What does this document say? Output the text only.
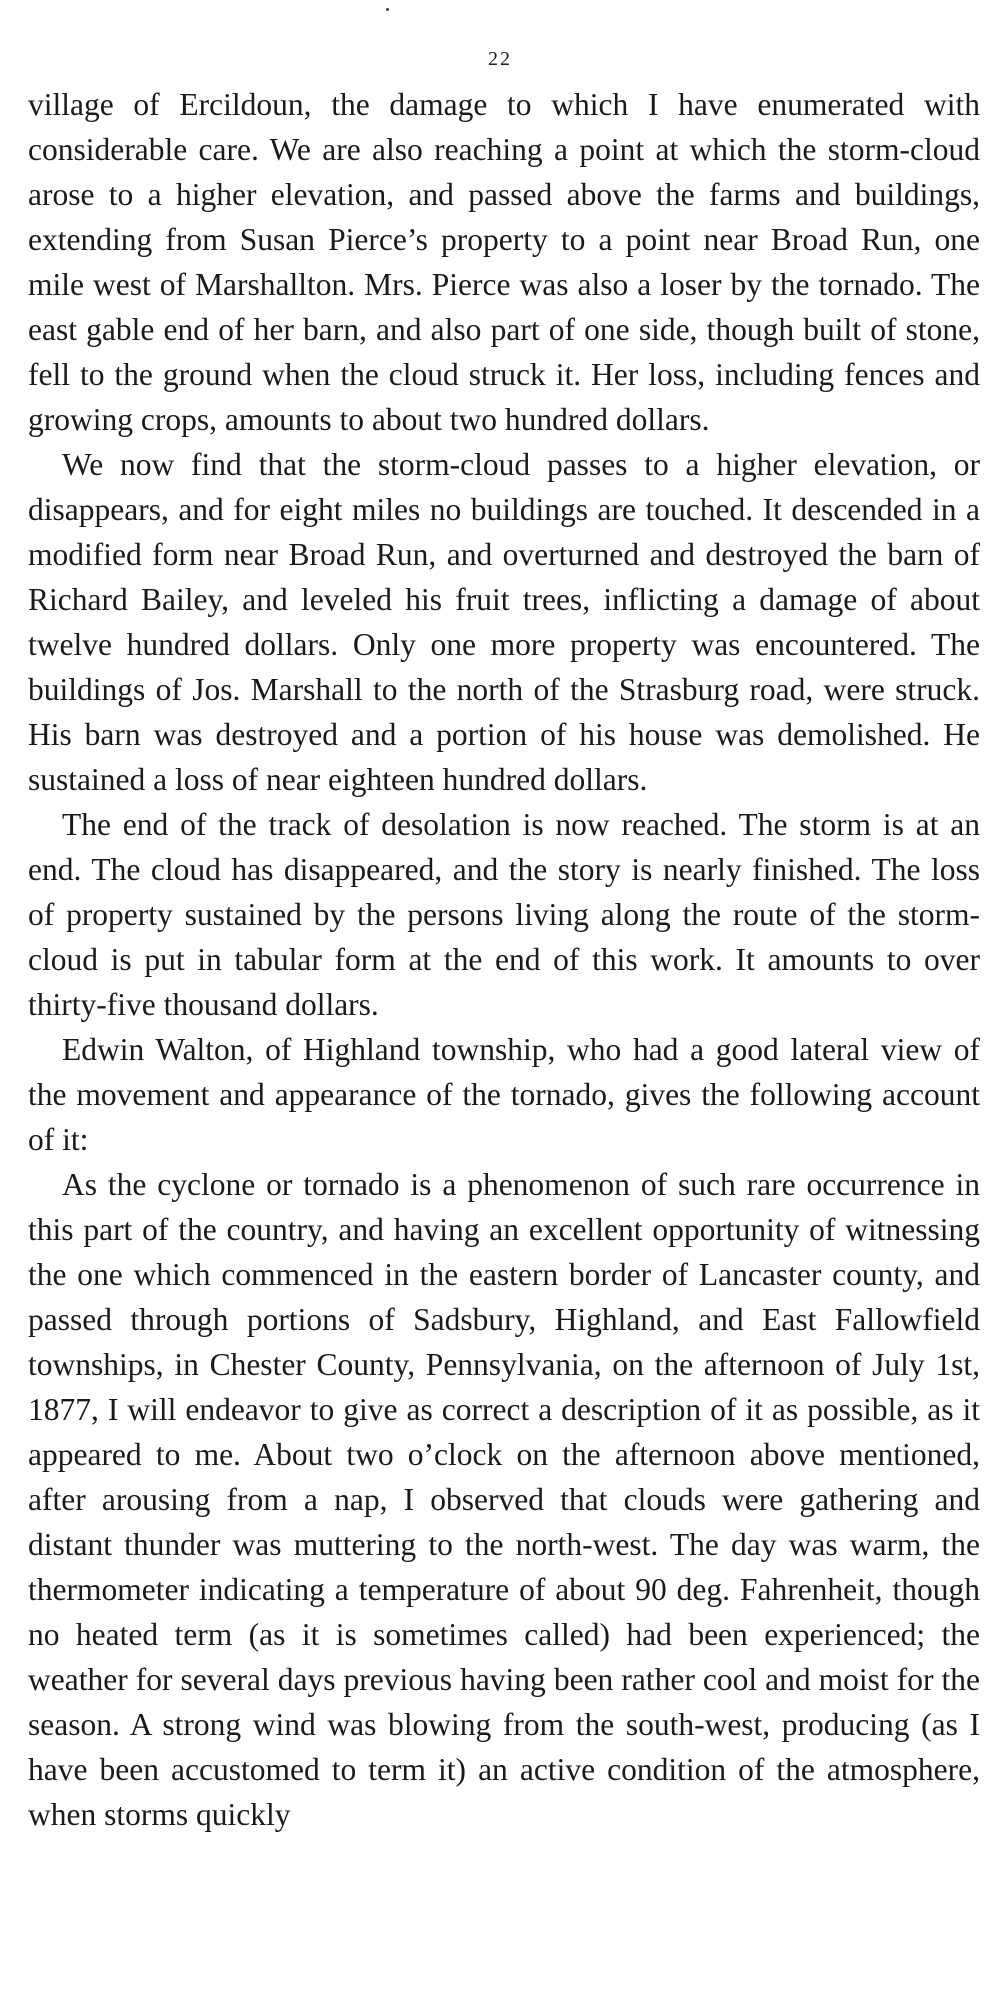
22

village of Ercildoun, the damage to which I have enumerated with considerable care. We are also reaching a point at which the storm-cloud arose to a higher elevation, and passed above the farms and buildings, extending from Susan Pierce’s property to a point near Broad Run, one mile west of Marshallton. Mrs. Pierce was also a loser by the tornado. The east gable end of her barn, and also part of one side, though built of stone, fell to the ground when the cloud struck it. Her loss, including fences and growing crops, amounts to about two hundred dollars.

We now find that the storm-cloud passes to a higher elevation, or disappears, and for eight miles no buildings are touched. It descended in a modified form near Broad Run, and overturned and destroyed the barn of Richard Bailey, and leveled his fruit trees, inflicting a damage of about twelve hundred dollars. Only one more property was encountered. The buildings of Jos. Marshall to the north of the Strasburg road, were struck. His barn was destroyed and a portion of his house was demolished. He sustained a loss of near eighteen hundred dollars.

The end of the track of desolation is now reached. The storm is at an end. The cloud has disappeared, and the story is nearly finished. The loss of property sustained by the persons living along the route of the storm-cloud is put in tabular form at the end of this work. It amounts to over thirty-five thousand dollars.

Edwin Walton, of Highland township, who had a good lateral view of the movement and appearance of the tornado, gives the following account of it:

As the cyclone or tornado is a phenomenon of such rare occurrence in this part of the country, and having an excellent opportunity of witnessing the one which commenced in the eastern border of Lancaster county, and passed through portions of Sadsbury, Highland, and East Fallowfield townships, in Chester County, Pennsylvania, on the afternoon of July 1st, 1877, I will endeavor to give as correct a description of it as possible, as it appeared to me. About two o’clock on the afternoon above mentioned, after arousing from a nap, I observed that clouds were gathering and distant thunder was muttering to the north-west. The day was warm, the thermometer indicating a temperature of about 90 deg. Fahrenheit, though no heated term (as it is sometimes called) had been experienced; the weather for several days previous having been rather cool and moist for the season. A strong wind was blowing from the south-west, producing (as I have been accustomed to term it) an active condition of the atmosphere, when storms quickly
